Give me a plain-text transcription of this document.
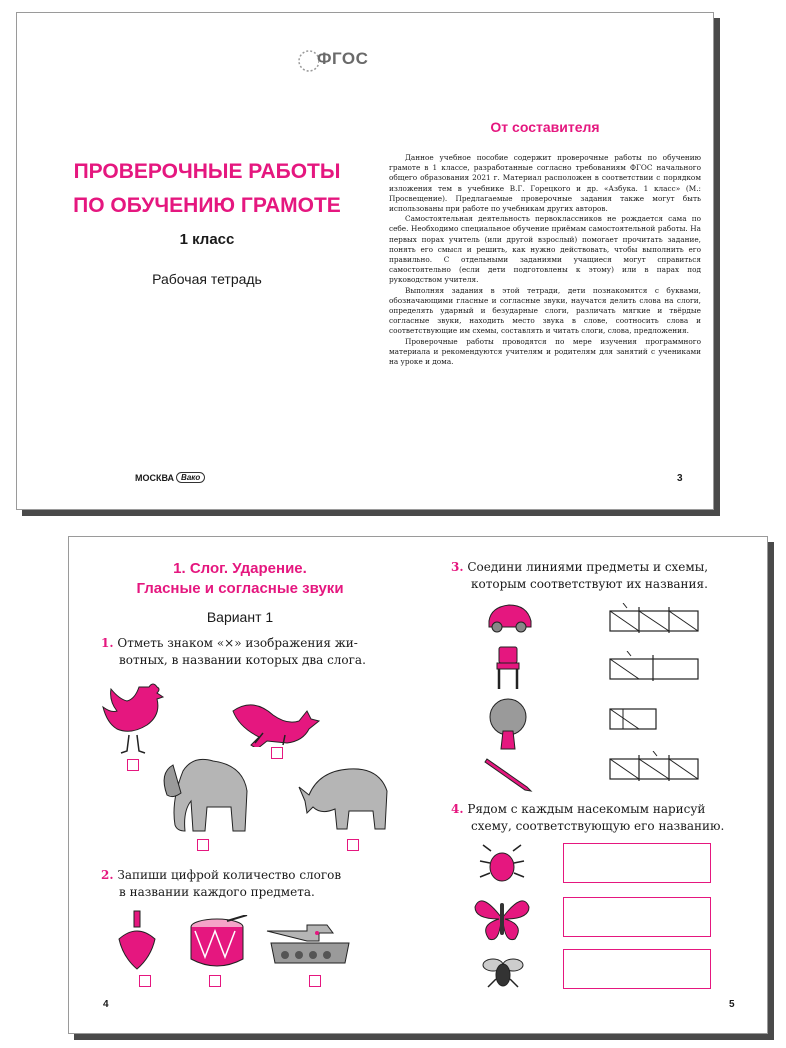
ФГОС
ПРОВЕРОЧНЫЕ РАБОТЫ
ПО ОБУЧЕНИЮ ГРАМОТЕ
1 класс
Рабочая тетрадь
МОСКВА Вако
От составителя

Данное учебное пособие содержит проверочные работы по обучению грамоте в 1 классе, разработанные согласно требованиям ФГОС начального общего образования 2021 г. Материал расположен в соответствии с порядком изложения тем в учебнике В.Г. Горецкого и др. «Азбука. 1 класс» (М.: Просвещение). Предлагаемые проверочные задания также могут быть использованы при работе по учебникам других авторов.

Самостоятельная деятельность первоклассников не рождается сама по себе. Необходимо специальное обучение приёмам самостоятельной работы. На первых порах учитель (или другой взрослый) помогает прочитать задание, понять его смысл и решить, как нужно действовать, чтобы выполнить его правильно. С отдельными заданиями учащиеся могут справиться самостоятельно (если дети подготовлены к этому) или в парах под руководством учителя.

Выполняя задания в этой тетради, дети познакомятся с буквами, обозначающими гласные и согласные звуки, научатся делить слова на слоги, определять ударный и безударные слоги, различать мягкие и твёрдые согласные звуки, находить место звука в слове, соотносить слова и соответствующие им схемы, составлять и читать слоги, слова, предложения.

Проверочные работы проводятся по мере изучения программного материала и рекомендуются учителям и родителям для занятий с учениками на уроке и дома.

3
1. Слог. Ударение.
Гласные и согласные звуки
Вариант 1
1. Отметь знаком «×» изображения жи-
вотных, в названии которых два слога.
2. Запиши цифрой количество слогов
в названии каждого предмета.
4
3. Соедини линиями предметы и схемы,
которым соответствуют их названия.
4. Рядом с каждым насекомым нарисуй
схему, соответствующую его названию.
5
